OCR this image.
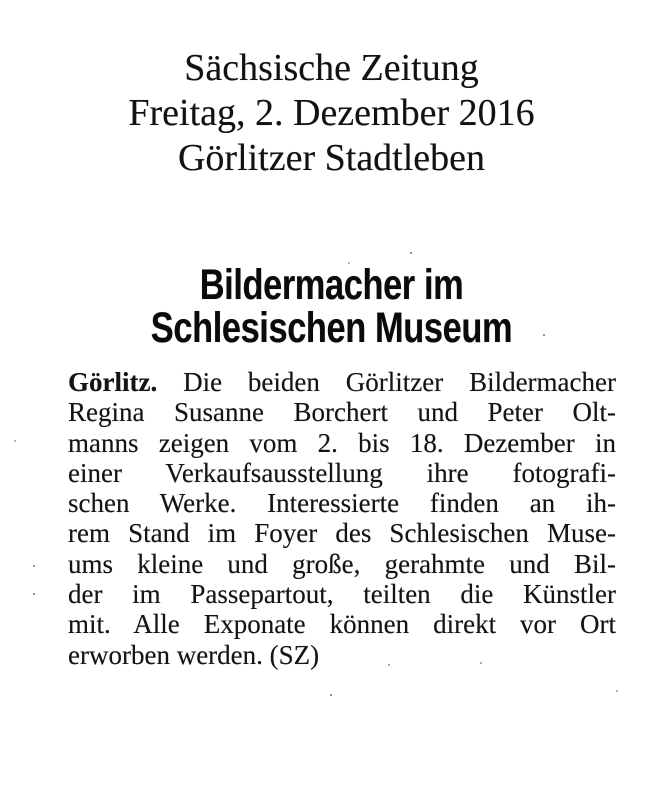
Sächsische Zeitung
Freitag, 2. Dezember 2016
Görlitzer Stadtleben
Bildermacher im
Schlesischen Museum
Görlitz. Die beiden Görlitzer Bildermacher
Regina Susanne Borchert und Peter Olt-
manns zeigen vom 2. bis 18. Dezember in
einer Verkaufsausstellung ihre fotografi-
schen Werke. Interessierte finden an ih-
rem Stand im Foyer des Schlesischen Muse-
ums kleine und große, gerahmte und Bil-
der im Passepartout, teilten die Künstler
mit. Alle Exponate können direkt vor Ort
erworben werden. (SZ)
